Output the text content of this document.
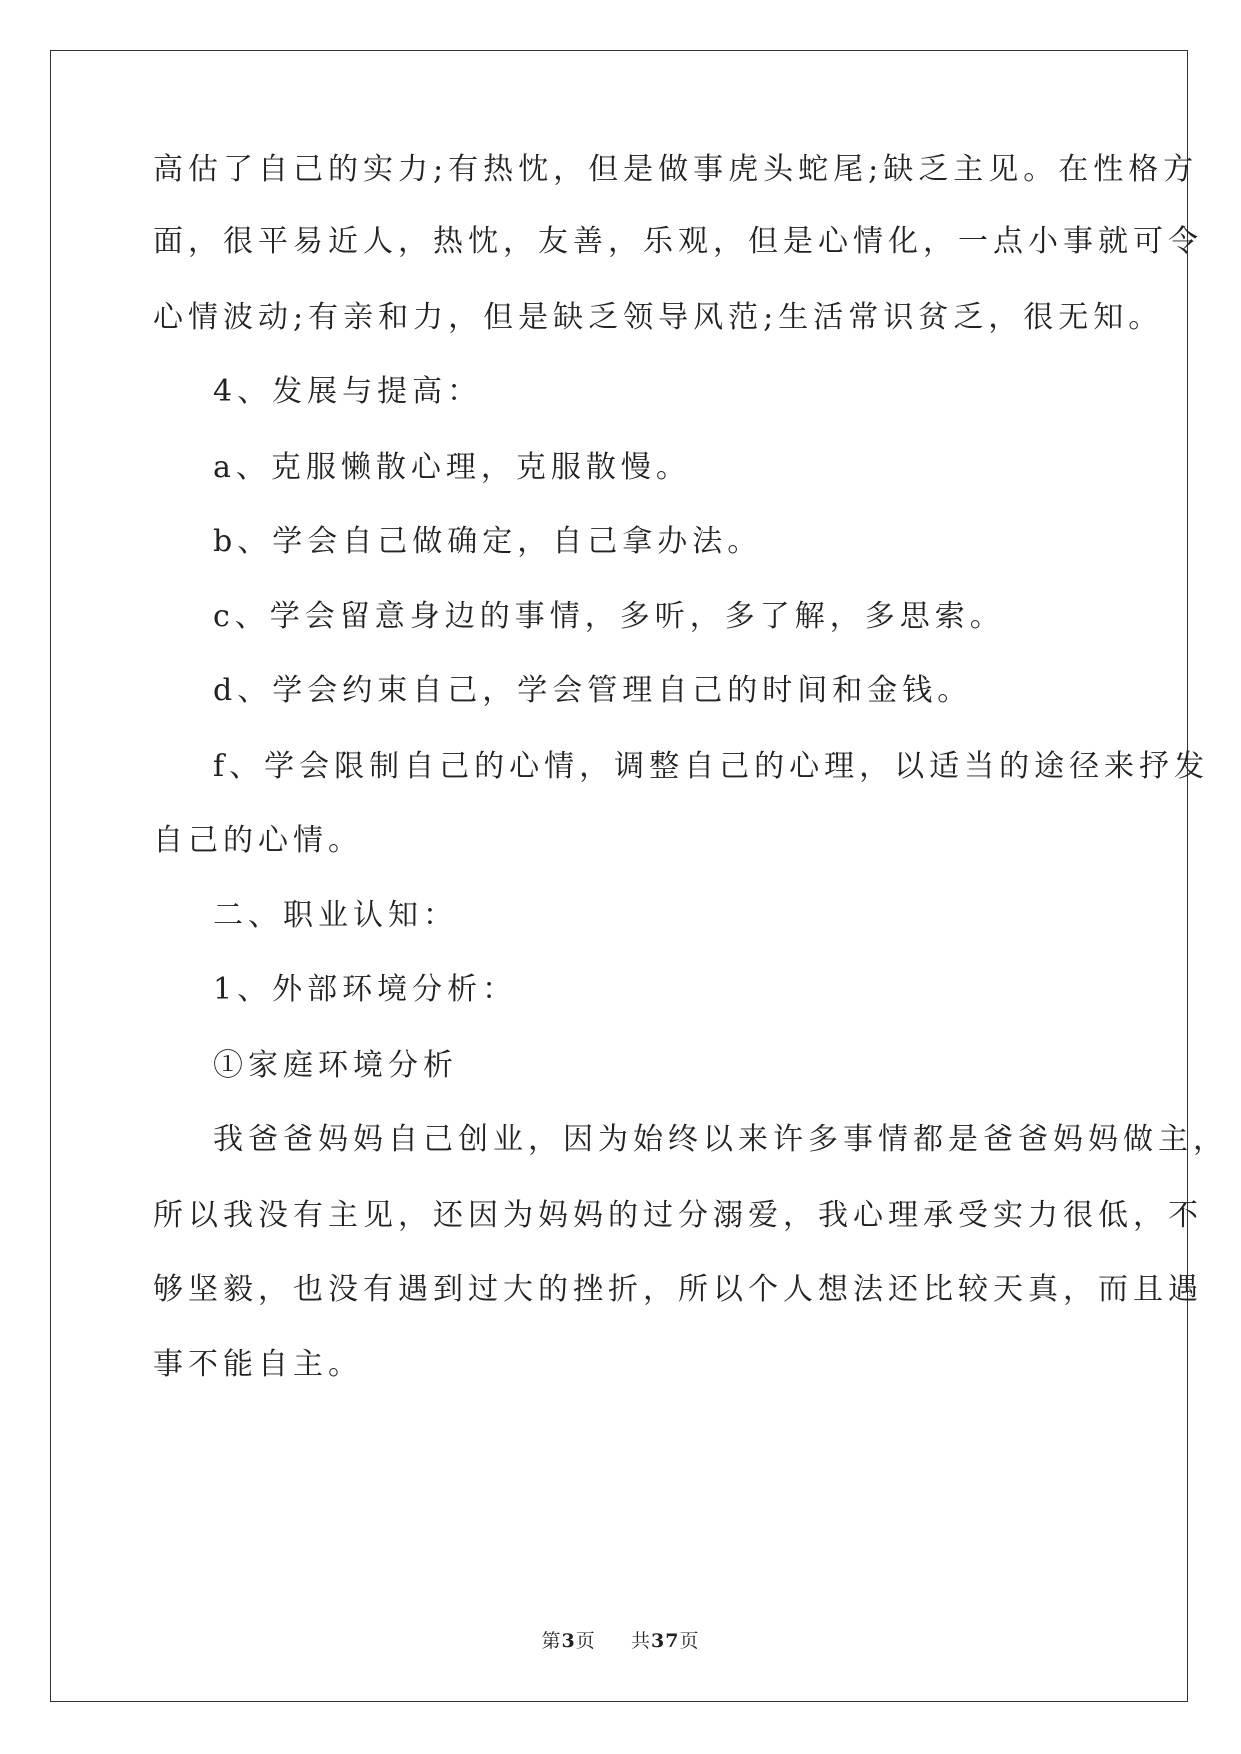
高估了自己的实力;有热忱，但是做事虎头蛇尾;缺乏主见。在性格方
面，很平易近人，热忱，友善，乐观，但是心情化，一点小事就可令
心情波动;有亲和力，但是缺乏领导风范;生活常识贫乏，很无知。
4、发展与提高：
a、克服懒散心理，克服散慢。
b、学会自己做确定，自己拿办法。
c、学会留意身边的事情，多听，多了解，多思索。
d、学会约束自己，学会管理自己的时间和金钱。
f、学会限制自己的心情，调整自己的心理，以适当的途径来抒发
自己的心情。
二、职业认知：
1、外部环境分析：
①家庭环境分析
我爸爸妈妈自己创业，因为始终以来许多事情都是爸爸妈妈做主，
所以我没有主见，还因为妈妈的过分溺爱，我心理承受实力很低，不
够坚毅，也没有遇到过大的挫折，所以个人想法还比较天真，而且遇
事不能自主。
第3页 共37页
